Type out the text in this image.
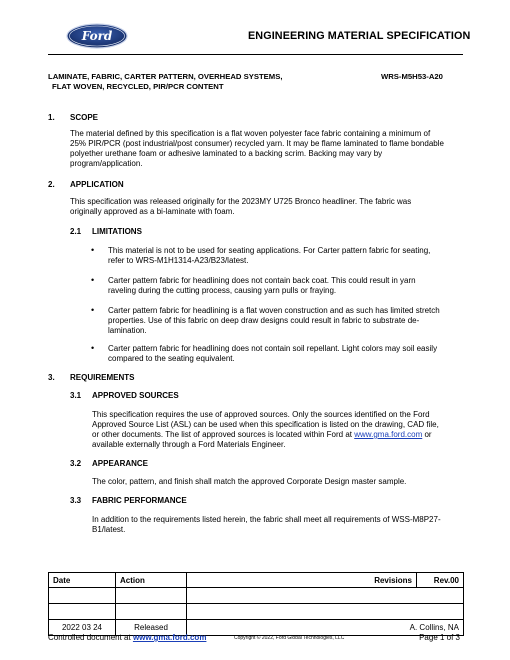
Ford	ENGINEERING MATERIAL SPECIFICATION
LAMINATE, FABRIC, CARTER PATTERN, OVERHEAD SYSTEMS,
FLAT WOVEN, RECYCLED, PIR/PCR CONTENT
WRS-M5H53-A20
1. SCOPE
The material defined by this specification is a flat woven polyester face fabric containing a minimum of
25% PIR/PCR (post industrial/post consumer) recycled yarn. It may be flame laminated to flame bondable
polyether urethane foam or adhesive laminated to a backing scrim. Backing may vary by
program/application.
2. APPLICATION
This specification was released originally for the 2023MY U725 Bronco headliner. The fabric was
originally approved as a bi-laminate with foam.
2.1 LIMITATIONS
• This material is not to be used for seating applications. For Carter pattern fabric for seating,
refer to WRS-M1H1314-A23/B23/latest.
• Carter pattern fabric for headlining does not contain back coat. This could result in yarn
raveling during the cutting process, causing yarn pulls or fraying.
• Carter pattern fabric for headlining is a flat woven construction and as such has limited stretch
properties. Use of this fabric on deep draw designs could result in fabric to substrate de-
lamination.
• Carter pattern fabric for headlining does not contain soil repellant. Light colors may soil easily
compared to the seating equivalent.
3. REQUIREMENTS
3.1 APPROVED SOURCES
This specification requires the use of approved sources. Only the sources identified on the Ford
Approved Source List (ASL) can be used when this specification is listed on the drawing, CAD file,
or other documents. The list of approved sources is located within Ford at www.gma.ford.com or
available externally through a Ford Materials Engineer.
3.2 APPEARANCE
The color, pattern, and finish shall match the approved Corporate Design master sample.
3.3 FABRIC PERFORMANCE
In addition to the requirements listed herein, the fabric shall meet all requirements of WSS-M8P27-
B1/latest.
Date	Action	Revisions	Rev.00

2022 03 24	Released	A. Collins, NA	
Controlled document at www.gma.ford.com	Copyright © 2022, Ford Global Technologies, LLC	Page 1 of 3
